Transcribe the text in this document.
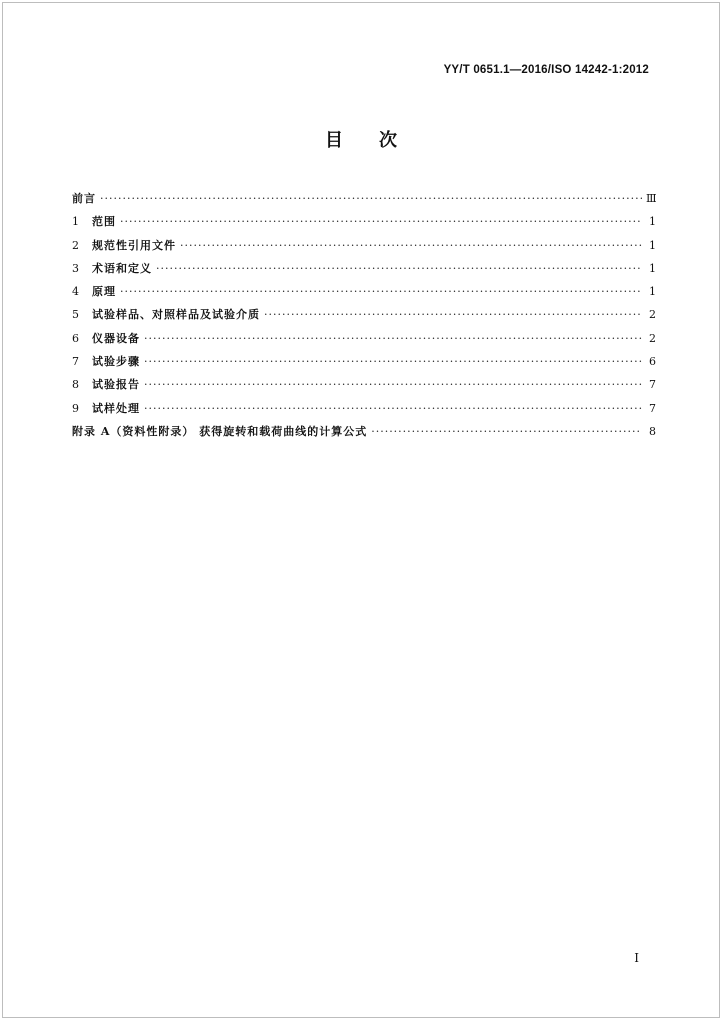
YY/T 0651.1—2016/ISO 14242-1:2012
目 次
前言 ·····	Ⅲ
1	范围 ·····	1
2	规范性引用文件 ·····	1
3	术语和定义 ·····	1
4	原理 ·····	1
5	试验样品、对照样品及试验介质 ·····	2
6	仪器设备 ·····	2
7	试验步骤 ·····	6
8	试验报告 ·····	7
9	试样处理 ·····	7
附录 A（资料性附录） 获得旋转和载荷曲线的计算公式 ·····	8
I
